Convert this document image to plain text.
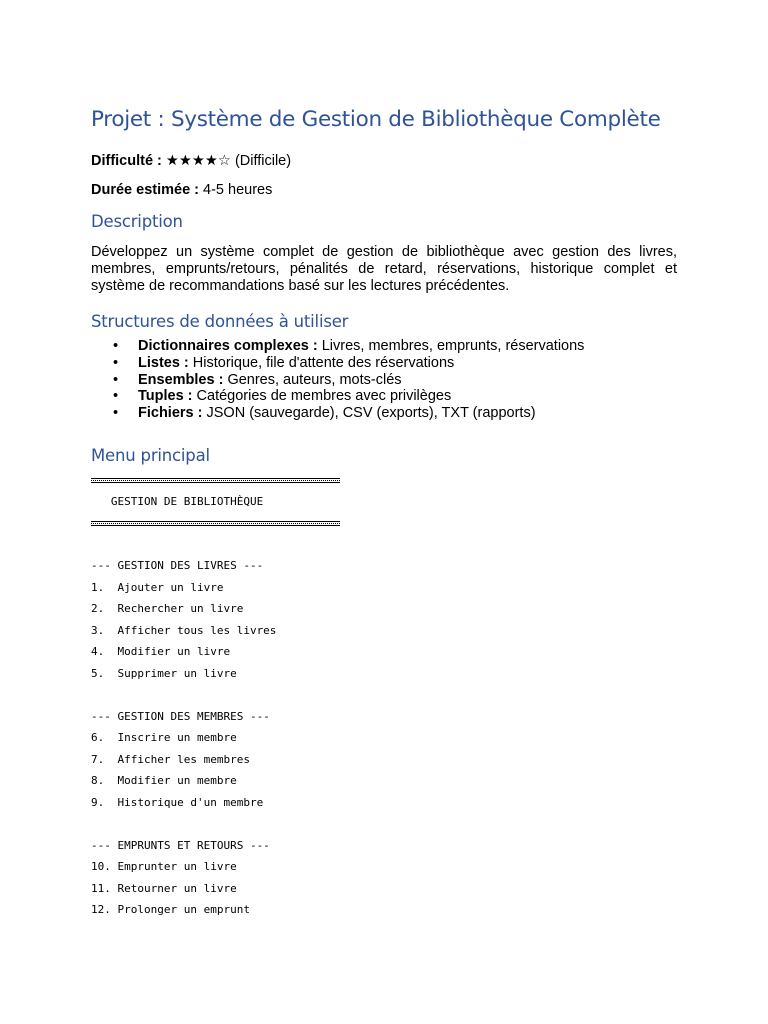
Projet : Système de Gestion de Bibliothèque Complète
Difficulté : ★★★★☆ (Difficile)
Durée estimée : 4-5 heures
Description

Développez un système complet de gestion de bibliothèque avec gestion des livres, membres, emprunts/retours, pénalités de retard, réservations, historique complet et système de recommandations basé sur les lectures précédentes.

Structures de données à utiliser
• Dictionnaires complexes : Livres, membres, emprunts, réservations
• Listes : Historique, file d'attente des réservations
• Ensembles : Genres, auteurs, mots-clés
• Tuples : Catégories de membres avec privilèges
• Fichiers : JSON (sauvegarde), CSV (exports), TXT (rapports)
Menu principal
GESTION DE BIBLIOTHÈQUE
--- GESTION DES LIVRES ---
1.  Ajouter un livre
2.  Rechercher un livre
3.  Afficher tous les livres
4.  Modifier un livre
5.  Supprimer un livre
--- GESTION DES MEMBRES ---
6.  Inscrire un membre
7.  Afficher les membres
8.  Modifier un membre
9.  Historique d'un membre
--- EMPRUNTS ET RETOURS ---
10. Emprunter un livre
11. Retourner un livre
12. Prolonger un emprunt
